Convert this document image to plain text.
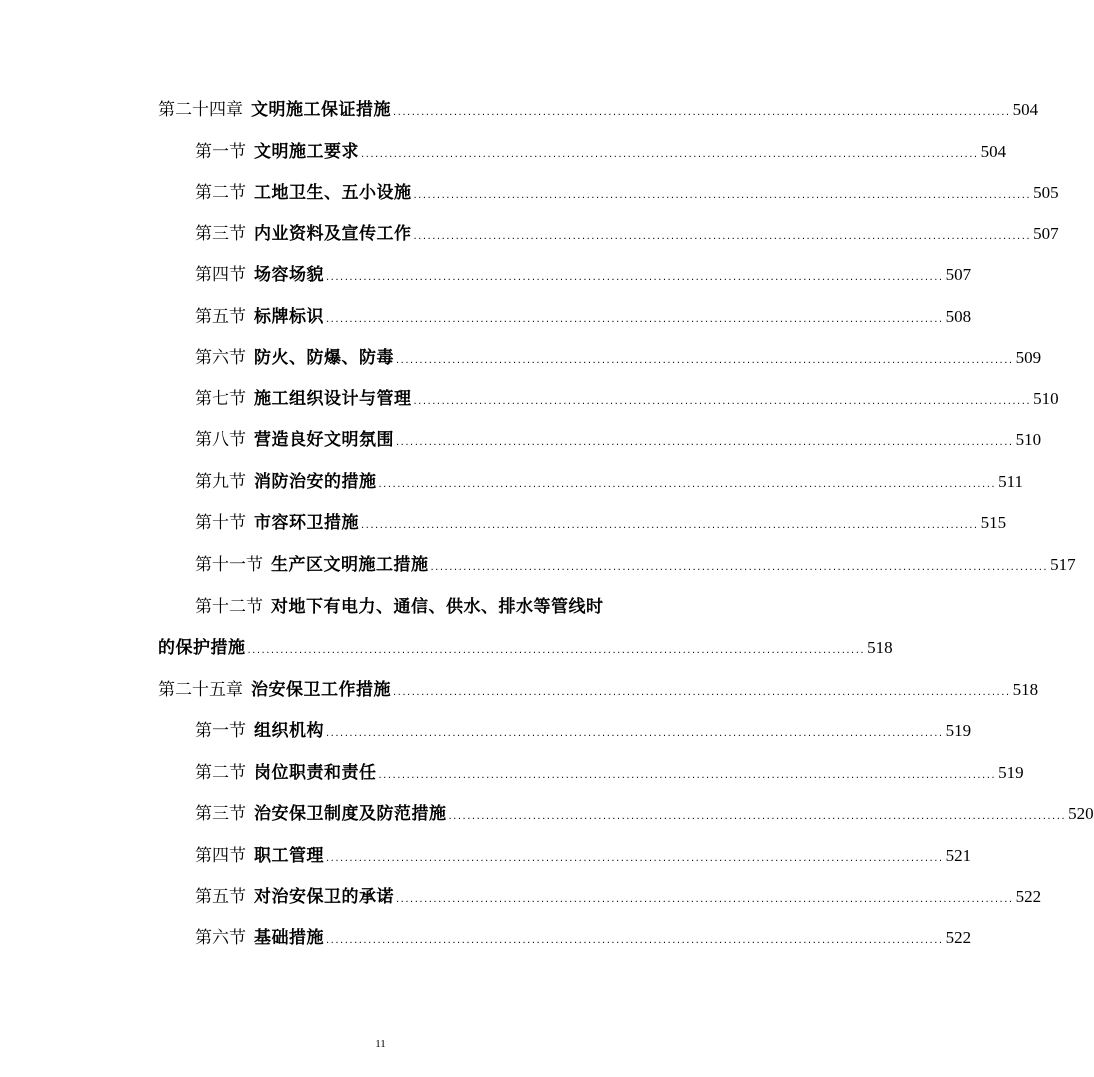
第二十四章 文明施工保证措施 .................................................................................................................................... 504
第一节 文明施工要求 .................................................................................................................................... 504
第二节 工地卫生、五小设施 .................................................................................................................................... 505
第三节 内业资料及宣传工作 .................................................................................................................................... 507
第四节 场容场貌 .................................................................................................................................... 507
第五节 标牌标识 .................................................................................................................................... 508
第六节 防火、防爆、防毒 .................................................................................................................................... 509
第七节 施工组织设计与管理 .................................................................................................................................... 510
第八节 营造良好文明氛围 .................................................................................................................................... 510
第九节 消防治安的措施 .................................................................................................................................... 511
第十节 市容环卫措施 .................................................................................................................................... 515
第十一节 生产区文明施工措施 .................................................................................................................................... 517
第十二节 对地下有电力、通信、供水、排水等管线时
的保护措施 .................................................................................................................................... 518
第二十五章 治安保卫工作措施 .................................................................................................................................... 518
第一节 组织机构 .................................................................................................................................... 519
第二节 岗位职责和责任 .................................................................................................................................... 519
第三节 治安保卫制度及防范措施 .................................................................................................................................... 520
第四节 职工管理 .................................................................................................................................... 521
第五节 对治安保卫的承诺 .................................................................................................................................... 522
第六节 基础措施 .................................................................................................................................... 522
11
